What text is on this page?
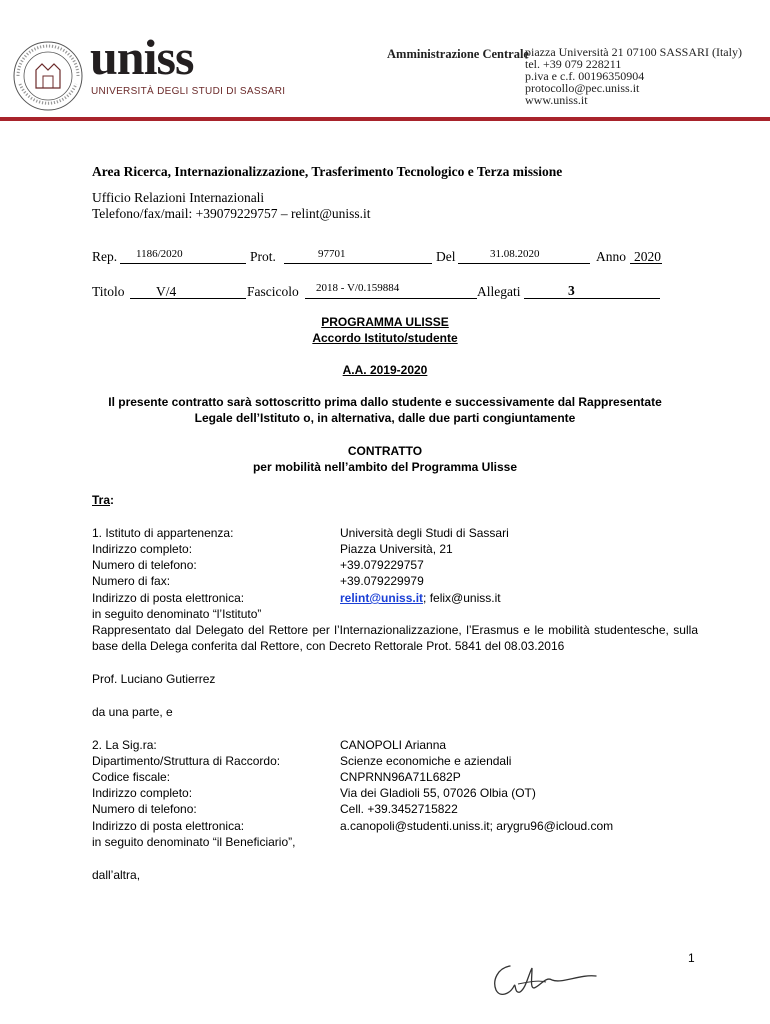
uniss
UNIVERSITÀ DEGLI STUDI DI SASSARI
Amministrazione Centrale
piazza Università 21 07100 SASSARI (Italy)
tel. +39 079 228211
p.iva e c.f. 00196350904
protocollo@pec.uniss.it
www.uniss.it
Area Ricerca, Internazionalizzazione, Trasferimento Tecnologico e Terza missione
Ufficio Relazioni Internazionali
Telefono/fax/mail: +39079229757 – relint@uniss.it
Rep. 1186/2020	Prot.	97701	Del	31.08.2020	Anno 2020
Titolo V/4	Fascicolo 2018 - V/0.159884	Allegati	3
PROGRAMMA ULISSE
Accordo Istituto/studente
A.A. 2019-2020
Il presente contratto sarà sottoscritto prima dallo studente e successivamente dal Rappresentate
Legale dell’Istituto o, in alternativa, dalle due parti congiuntamente
CONTRATTO
per mobilità nell’ambito del Programma Ulisse
Tra:
1. Istituto di appartenenza:	Università degli Studi di Sassari
Indirizzo completo:	Piazza Università, 21
Numero di telefono:	+39.079229757
Numero di fax:	+39.079229979
Indirizzo di posta elettronica:	relint@uniss.it; felix@uniss.it
in seguito denominato “l’Istituto”
Rappresentato dal Delegato del Rettore per l’Internazionalizzazione, l’Erasmus e le mobilità studentesche, sulla base della Delega conferita dal Rettore, con Decreto Rettorale Prot. 5841 del 08.03.2016
Prof. Luciano Gutierrez
da una parte, e
2. La Sig.ra:	CANOPOLI Arianna
Dipartimento/Struttura di Raccordo:	Scienze economiche e aziendali
Codice fiscale:	CNPRNN96A71L682P
Indirizzo completo:	Via dei Gladioli 55, 07026 Olbia (OT)
Numero di telefono:	Cell. +39.3452715822
Indirizzo di posta elettronica:	a.canopoli@studenti.uniss.it; arygru96@icloud.com
in seguito denominato “il Beneficiario”,
dall’altra,
1
